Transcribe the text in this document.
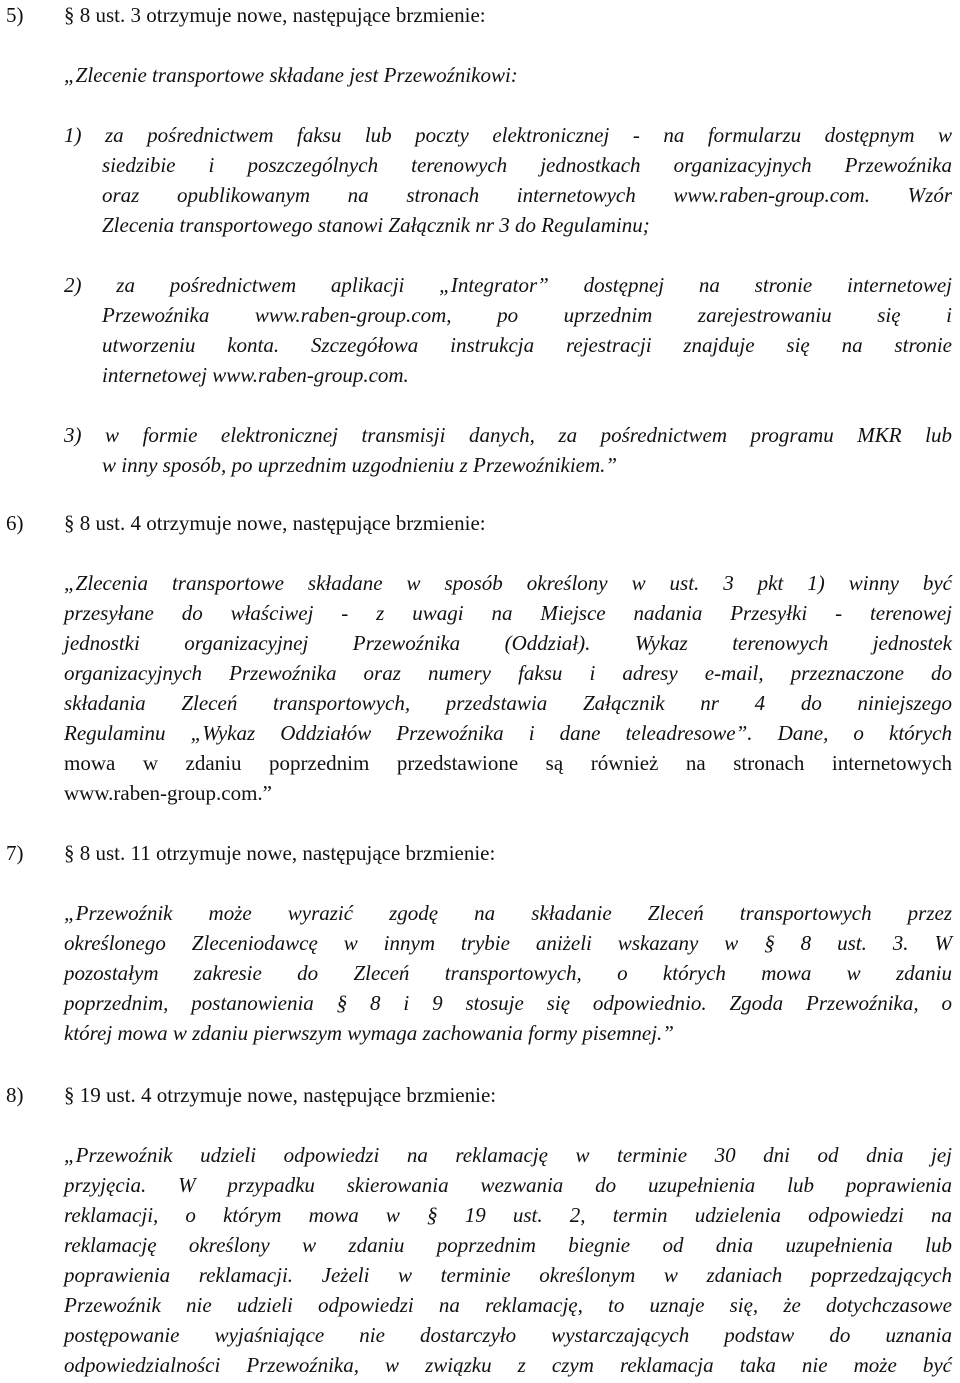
5) § 8 ust. 3 otrzymuje nowe, następujące brzmienie:
„Zlecenie transportowe składane jest Przewoźnikowi:
1) za pośrednictwem faksu lub poczty elektronicznej - na formularzu dostępnym w
siedzibie i poszczególnych terenowych jednostkach organizacyjnych Przewoźnika
oraz opublikowanym na stronach internetowych www.raben-group.com. Wzór
Zlecenia transportowego stanowi Załącznik nr 3 do Regulaminu;
2) za pośrednictwem aplikacji „Integrator” dostępnej na stronie internetowej
Przewoźnika www.raben-group.com, po uprzednim zarejestrowaniu się i
utworzeniu konta. Szczegółowa instrukcja rejestracji znajduje się na stronie
internetowej www.raben-group.com.
3) w formie elektronicznej transmisji danych, za pośrednictwem programu MKR lub
w inny sposób, po uprzednim uzgodnieniu z Przewoźnikiem.”
6) § 8 ust. 4 otrzymuje nowe, następujące brzmienie:
„Zlecenia transportowe składane w sposób określony w ust. 3 pkt 1) winny być
przesyłane do właściwej - z uwagi na Miejsce nadania Przesyłki - terenowej
jednostki organizacyjnej Przewoźnika (Oddział). Wykaz terenowych jednostek
organizacyjnych Przewoźnika oraz numery faksu i adresy e-mail, przeznaczone do
składania Zleceń transportowych, przedstawia Załącznik nr 4 do niniejszego
Regulaminu „Wykaz Oddziałów Przewoźnika i dane teleadresowe”. Dane, o których
mowa w zdaniu poprzednim przedstawione są również na stronach internetowych
www.raben-group.com.”
7) § 8 ust. 11 otrzymuje nowe, następujące brzmienie:
„Przewoźnik może wyrazić zgodę na składanie Zleceń transportowych przez
określonego Zleceniodawcę w innym trybie aniżeli wskazany w § 8 ust. 3. W
pozostałym zakresie do Zleceń transportowych, o których mowa w zdaniu
poprzednim, postanowienia § 8 i 9 stosuje się odpowiednio. Zgoda Przewoźnika, o
której mowa w zdaniu pierwszym wymaga zachowania formy pisemnej.”
8) § 19 ust. 4 otrzymuje nowe, następujące brzmienie:
„Przewoźnik udzieli odpowiedzi na reklamację w terminie 30 dni od dnia jej
przyjęcia. W przypadku skierowania wezwania do uzupełnienia lub poprawienia
reklamacji, o którym mowa w § 19 ust. 2, termin udzielenia odpowiedzi na
reklamację określony w zdaniu poprzednim biegnie od dnia uzupełnienia lub
poprawienia reklamacji. Jeżeli w terminie określonym w zdaniach poprzedzających
Przewoźnik nie udzieli odpowiedzi na reklamację, to uznaje się, że dotychczasowe
postępowanie wyjaśniające nie dostarczyło wystarczających podstaw do uznania
odpowiedzialności Przewoźnika, w związku z czym reklamacja taka nie może być
